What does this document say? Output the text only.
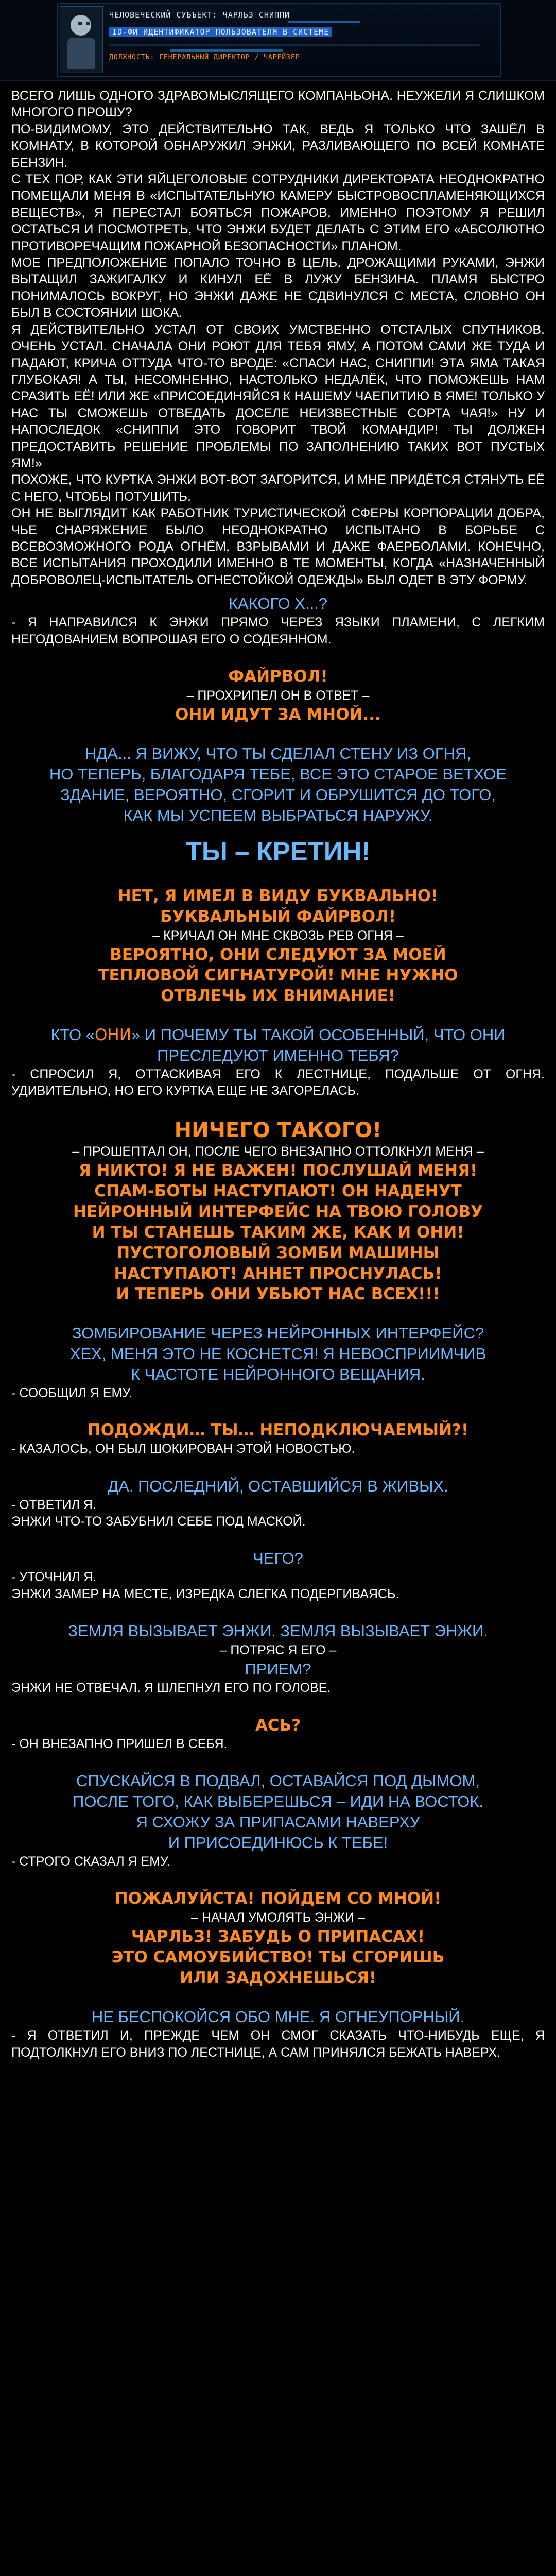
ЧЕЛОВЕЧЕСКИЙ СУБЪЕКТ: ЧАРЛЬЗ СНИППИ
ID-ФИ ИДЕНТИФИКАТОР ПОЛЬЗОВАТЕЛЯ В СИСТЕМЕ
ДОЛЖНОСТЬ: ГЕНЕРАЛЬНЫЙ ДИРЕКТОР / ЧАРЕЙЗЕР

ВСЕГО ЛИШЬ ОДНОГО ЗДРАВОМЫСЛЯЩЕГО КОМПАНЬОНА. НЕУЖЕЛИ Я СЛИШКОМ МНОГОГО ПРОШУ?

ПО-ВИДИМОМУ, ЭТО ДЕЙСТВИТЕЛЬНО ТАК, ВЕДЬ Я ТОЛЬКО ЧТО ЗАШЁЛ В КОМНАТУ, В КОТОРОЙ ОБНАРУЖИЛ ЭНЖИ, РАЗЛИВАЮЩЕГО ПО ВСЕЙ КОМНАТЕ БЕНЗИН.

С ТЕХ ПОР, КАК ЭТИ ЯЙЦЕГОЛОВЫЕ СОТРУДНИКИ ДИРЕКТОРАТА НЕОДНОКРАТНО ПОМЕЩАЛИ МЕНЯ В «ИСПЫТАТЕЛЬНУЮ КАМЕРУ БЫСТРОВОСПЛАМЕНЯЮЩИХСЯ ВЕЩЕСТВ», Я ПЕРЕСТАЛ БОЯТЬСЯ ПОЖАРОВ. ИМЕННО ПОЭТОМУ Я РЕШИЛ ОСТАТЬСЯ И ПОСМОТРЕТЬ, ЧТО ЭНЖИ БУДЕТ ДЕЛАТЬ С ЭТИМ ЕГО «АБСОЛЮТНО ПРОТИВОРЕЧАЩИМ ПОЖАРНОЙ БЕЗОПАСНОСТИ» ПЛАНОМ.

МОЕ ПРЕДПОЛОЖЕНИЕ ПОПАЛО ТОЧНО В ЦЕЛЬ. ДРОЖАЩИМИ РУКАМИ, ЭНЖИ ВЫТАЩИЛ ЗАЖИГАЛКУ И КИНУЛ ЕЁ В ЛУЖУ БЕНЗИНА. ПЛАМЯ БЫСТРО ПОНИМАЛОСЬ ВОКРУГ, НО ЭНЖИ ДАЖЕ НЕ СДВИНУЛСЯ С МЕСТА, СЛОВНО ОН БЫЛ В СОСТОЯНИИ ШОКА.

Я ДЕЙСТВИТЕЛЬНО УСТАЛ ОТ СВОИХ УМСТВЕННО ОТСТАЛЫХ СПУТНИКОВ. ОЧЕНЬ УСТАЛ. СНАЧАЛА ОНИ РОЮТ ДЛЯ ТЕБЯ ЯМУ, А ПОТОМ САМИ ЖЕ ТУДА И ПАДАЮТ, КРИЧА ОТТУДА ЧТО-ТО ВРОДЕ: «СПАСИ НАС, СНИППИ! ЭТА ЯМА ТАКАЯ ГЛУБОКАЯ! А ТЫ, НЕСОМНЕННО, НАСТОЛЬКО НЕДАЛЁК, ЧТО ПОМОЖЕШЬ НАМ СРАЗИТЬ ЕЁ! ИЛИ ЖЕ «ПРИСОЕДИНЯЙСЯ К НАШЕМУ ЧАЕПИТИЮ В ЯМЕ! ТОЛЬКО У НАС ТЫ СМОЖЕШЬ ОТВЕДАТЬ ДОСЕЛЕ НЕИЗВЕСТНЫЕ СОРТА ЧАЯ!» НУ И НАПОСЛЕДОК «СНИППИ ЭТО ГОВОРИТ ТВОЙ КОМАНДИР! ТЫ ДОЛЖЕН ПРЕДОСТАВИТЬ РЕШЕНИЕ ПРОБЛЕМЫ ПО ЗАПОЛНЕНИЮ ТАКИХ ВОТ ПУСТЫХ ЯМ!»

ПОХОЖЕ, ЧТО КУРТКА ЭНЖИ ВОТ-ВОТ ЗАГОРИТСЯ, И МНЕ ПРИДЁТСЯ СТЯНУТЬ ЕЁ С НЕГО, ЧТОБЫ ПОТУШИТЬ.

ОН НЕ ВЫГЛЯДИТ КАК РАБОТНИК ТУРИСТИЧЕСКОЙ СФЕРЫ КОРПОРАЦИИ ДОБРА, ЧЬЕ СНАРЯЖЕНИЕ БЫЛО НЕОДНОКРАТНО ИСПЫТАНО В БОРЬБЕ С ВСЕВОЗМОЖНОГО РОДА ОГНЁМ, ВЗРЫВАМИ И ДАЖЕ ФАЕРБОЛАМИ. КОНЕЧНО, ВСЕ ИСПЫТАНИЯ ПРОХОДИЛИ ИМЕННО В ТЕ МОМЕНТЫ, КОГДА «НАЗНАЧЕННЫЙ ДОБРОВОЛЕЦ-ИСПЫТАТЕЛЬ ОГНЕСТОЙКОЙ ОДЕЖДЫ» БЫЛ ОДЕТ В ЭТУ ФОРМУ.

КАКОГО Х...?

- Я НАПРАВИЛСЯ К ЭНЖИ ПРЯМО ЧЕРЕЗ ЯЗЫКИ ПЛАМЕНИ, С ЛЕГКИМ НЕГОДОВАНИЕМ ВОПРОШАЯ ЕГО О СОДЕЯННОМ.

ФАЙРВОЛ!

– ПРОХРИПЕЛ ОН В ОТВЕТ –

ОНИ ИДУТ ЗА МНОЙ...

НДА... Я ВИЖУ, ЧТО ТЫ СДЕЛАЛ СТЕНУ ИЗ ОГНЯ,

НО ТЕПЕРЬ, БЛАГОДАРЯ ТЕБЕ, ВСЕ ЭТО СТАРОЕ ВЕТХОЕ

ЗДАНИЕ, ВЕРОЯТНО, СГОРИТ И ОБРУШИТСЯ ДО ТОГО,

КАК МЫ УСПЕЕМ ВЫБРАТЬСЯ НАРУЖУ.

ТЫ – КРЕТИН!

НЕТ, Я ИМЕЛ В ВИДУ БУКВАЛЬНО!

БУКВАЛЬНЫЙ ФАЙРВОЛ!

– КРИЧАЛ ОН МНЕ СКВОЗЬ РЕВ ОГНЯ –

ВЕРОЯТНО, ОНИ СЛЕДУЮТ ЗА МОЕЙ

ТЕПЛОВОЙ СИГНАТУРОЙ! МНЕ НУЖНО

ОТВЛЕЧЬ ИХ ВНИМАНИЕ!

КТО «ОНИ» И ПОЧЕМУ ТЫ ТАКОЙ ОСОБЕННЫЙ, ЧТО ОНИ

ПРЕСЛЕДУЮТ ИМЕННО ТЕБЯ?

- СПРОСИЛ Я, ОТТАСКИВАЯ ЕГО К ЛЕСТНИЦЕ, ПОДАЛЬШЕ ОТ ОГНЯ. УДИВИТЕЛЬНО, НО ЕГО КУРТКА ЕЩЕ НЕ ЗАГОРЕЛАСЬ.

НИЧЕГО ТАКОГО!

– ПРОШЕПТАЛ ОН, ПОСЛЕ ЧЕГО ВНЕЗАПНО ОТТОЛКНУЛ МЕНЯ –

Я НИКТО! Я НЕ ВАЖЕН! ПОСЛУШАЙ МЕНЯ!

СПАМ-БОТЫ НАСТУПАЮТ! ОН НАДЕНУТ

НЕЙРОННЫЙ ИНТЕРФЕЙС НА ТВОЮ ГОЛОВУ

И ТЫ СТАНЕШЬ ТАКИМ ЖЕ, КАК И ОНИ!

ПУСТОГОЛОВЫЙ ЗОМБИ МАШИНЫ

НАСТУПАЮТ! АННЕТ ПРОСНУЛАСЬ!

И ТЕПЕРЬ ОНИ УБЬЮТ НАС ВСЕХ!!!

ЗОМБИРОВАНИЕ ЧЕРЕЗ НЕЙРОННЫХ ИНТЕРФЕЙС?

ХЕХ, МЕНЯ ЭТО НЕ КОСНЕТСЯ! Я НЕВОСПРИИМЧИВ

К ЧАСТОТЕ НЕЙРОННОГО ВЕЩАНИЯ.

- СООБЩИЛ Я ЕМУ.

ПОДОЖДИ… ТЫ… НЕПОДКЛЮЧАЕМЫЙ?!

- КАЗАЛОСЬ, ОН БЫЛ ШОКИРОВАН ЭТОЙ НОВОСТЬЮ.

ДА. ПОСЛЕДНИЙ, ОСТАВШИЙСЯ В ЖИВЫХ.

- ОТВЕТИЛ Я.

ЭНЖИ ЧТО-ТО ЗАБУБНИЛ СЕБЕ ПОД МАСКОЙ.

ЧЕГО?

- УТОЧНИЛ Я.

ЭНЖИ ЗАМЕР НА МЕСТЕ, ИЗРЕДКА СЛЕГКА ПОДЕРГИВАЯСЬ.

ЗЕМЛЯ ВЫЗЫВАЕТ ЭНЖИ. ЗЕМЛЯ ВЫЗЫВАЕТ ЭНЖИ.

– ПОТРЯС Я ЕГО –

ПРИЕМ?

ЭНЖИ НЕ ОТВЕЧАЛ. Я ШЛЕПНУЛ ЕГО ПО ГОЛОВЕ.

АСЬ?

- ОН ВНЕЗАПНО ПРИШЕЛ В СЕБЯ.

СПУСКАЙСЯ В ПОДВАЛ, ОСТАВАЙСЯ ПОД ДЫМОМ,

ПОСЛЕ ТОГО, КАК ВЫБЕРЕШЬСЯ – ИДИ НА ВОСТОК.

Я СХОЖУ ЗА ПРИПАСАМИ НАВЕРХУ

И ПРИСОЕДИНЮСЬ К ТЕБЕ!

- СТРОГО СКАЗАЛ Я ЕМУ.

ПОЖАЛУЙСТА! ПОЙДЕМ СО МНОЙ!

– НАЧАЛ УМОЛЯТЬ ЭНЖИ –

ЧАРЛЬЗ! ЗАБУДЬ О ПРИПАСАХ!

ЭТО САМОУБИЙСТВО! ТЫ СГОРИШЬ

ИЛИ ЗАДОХНЕШЬСЯ!

НЕ БЕСПОКОЙСЯ ОБО МНЕ. Я ОГНЕУПОРНЫЙ.

- Я ОТВЕТИЛ И, ПРЕЖДЕ ЧЕМ ОН СМОГ СКАЗАТЬ ЧТО-НИБУДЬ ЕЩЕ, Я ПОДТОЛКНУЛ ЕГО ВНИЗ ПО ЛЕСТНИЦЕ, А САМ ПРИНЯЛСЯ БЕЖАТЬ НАВЕРХ.
